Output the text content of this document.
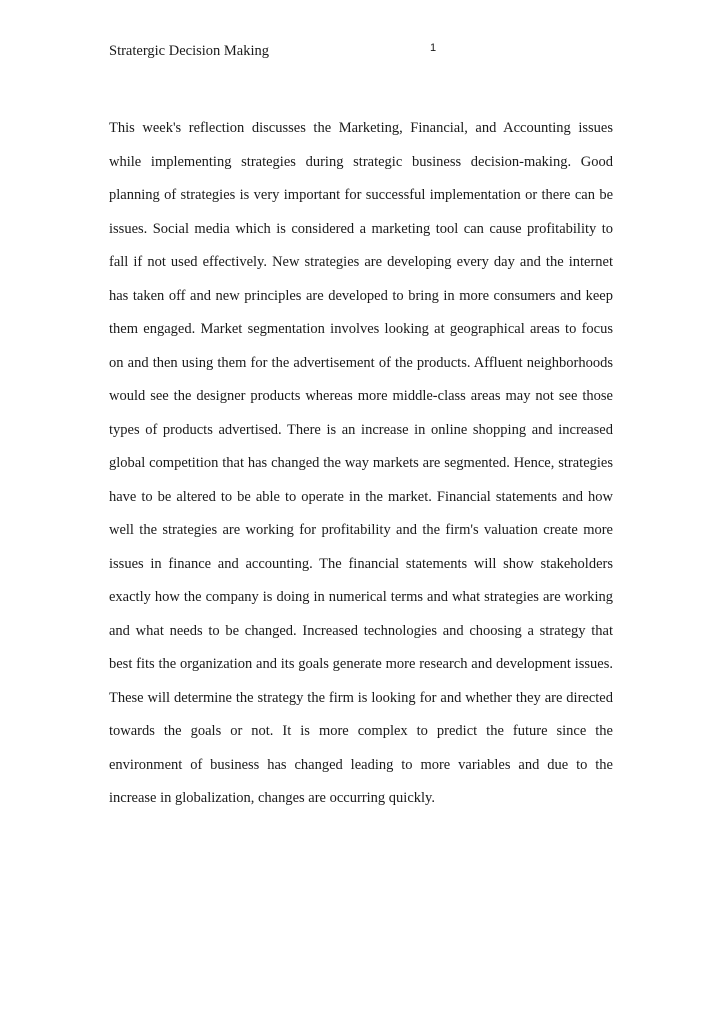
Stratergic Decision Making	1
This week's reflection discusses the Marketing, Financial, and Accounting issues
while implementing strategies during strategic business decision-making. Good
planning of strategies is very important for successful implementation or there can be
issues. Social media which is considered a marketing tool can cause profitability to
fall if not used effectively. New strategies are developing every day and the internet
has taken off and new principles are developed to bring in more consumers and keep
them engaged. Market segmentation involves looking at geographical areas to focus
on and then using them for the advertisement of the products. Affluent neighborhoods
would see the designer products whereas more middle-class areas may not see those
types of products advertised. There is an increase in online shopping and increased
global competition that has changed the way markets are segmented. Hence, strategies
have to be altered to be able to operate in the market. Financial statements and how
well the strategies are working for profitability and the firm's valuation create more
issues in finance and accounting. The financial statements will show stakeholders
exactly how the company is doing in numerical terms and what strategies are working
and what needs to be changed. Increased technologies and choosing a strategy that
best fits the organization and its goals generate more research and development issues.
These will determine the strategy the firm is looking for and whether they are directed
towards the goals or not. It is more complex to predict the future since the
environment of business has changed leading to more variables and due to the
increase in globalization, changes are occurring quickly.
